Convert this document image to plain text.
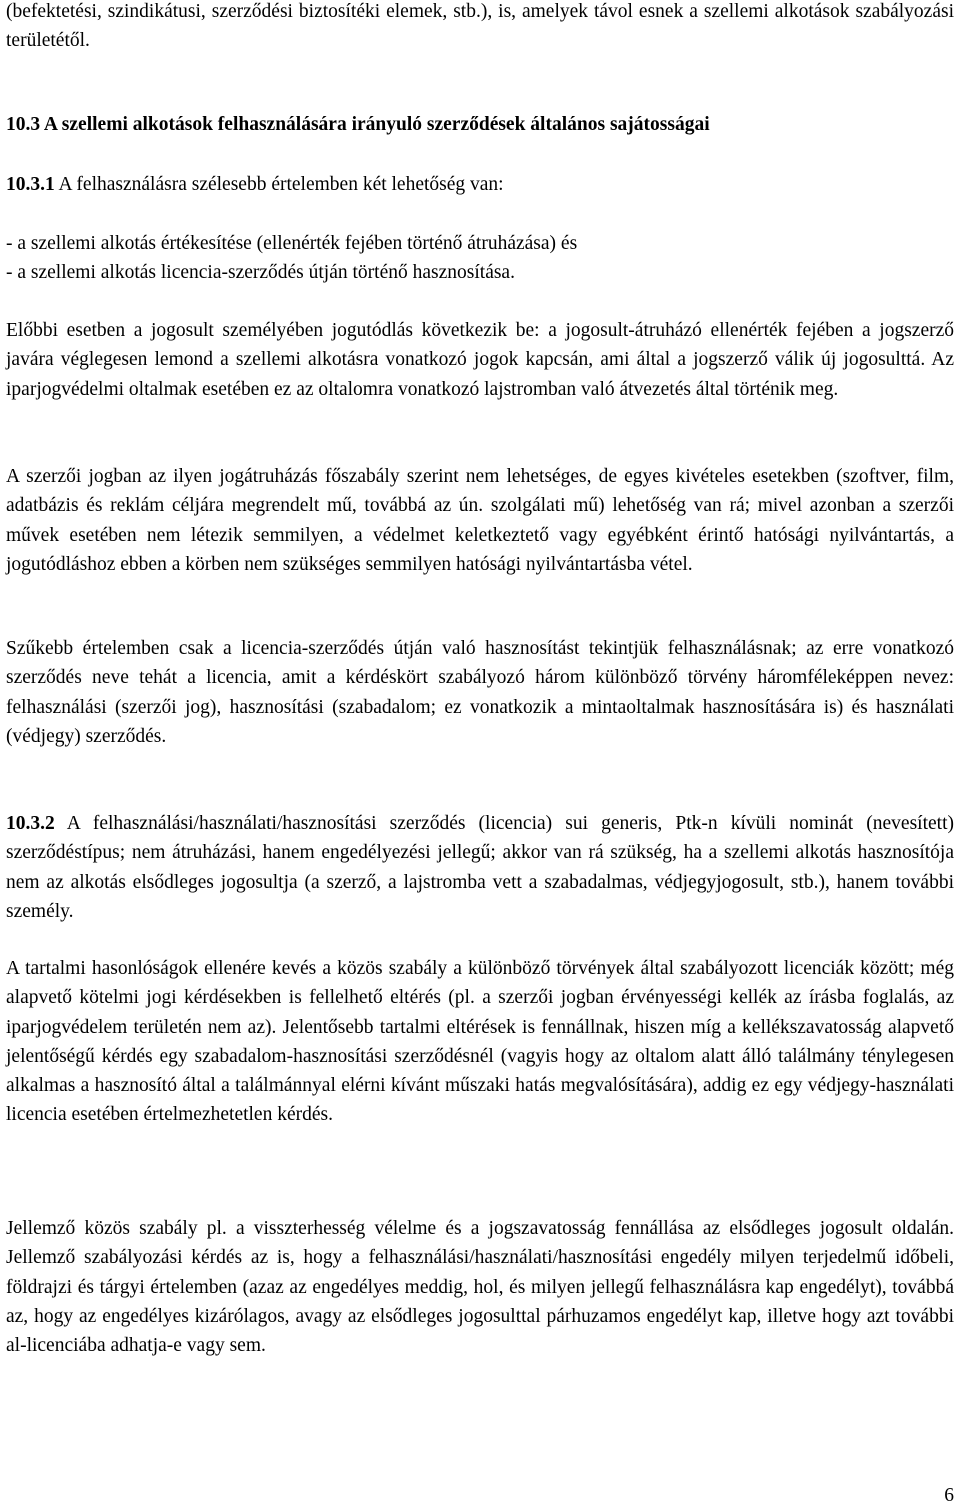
(befektetési, szindikátusi, szerződési biztosítéki elemek, stb.), is, amelyek távol esnek a szellemi alkotások szabályozási területétől.

10.3 A szellemi alkotások felhasználására irányuló szerződések általános sajátosságai

10.3.1 A felhasználásra szélesebb értelemben két lehetőség van:

- a szellemi alkotás értékesítése (ellenérték fejében történő átruházása) és

- a szellemi alkotás licencia-szerződés útján történő hasznosítása.

Előbbi esetben a jogosult személyében jogutódlás következik be: a jogosult-átruházó ellenérték fejében a jogszerző javára véglegesen lemond a szellemi alkotásra vonatkozó jogok kapcsán, ami által a jogszerző válik új jogosulttá. Az iparjogvédelmi oltalmak esetében ez az oltalomra vonatkozó lajstromban való átvezetés által történik meg.

A szerzői jogban az ilyen jogátruházás főszabály szerint nem lehetséges, de egyes kivételes esetekben (szoftver, film, adatbázis és reklám céljára megrendelt mű, továbbá az ún. szolgálati mű) lehetőség van rá; mivel azonban a szerzői művek esetében nem létezik semmilyen, a védelmet keletkeztető vagy egyébként érintő hatósági nyilvántartás, a jogutódláshoz ebben a körben nem szükséges semmilyen hatósági nyilvántartásba vétel.

Szűkebb értelemben csak a licencia-szerződés útján való hasznosítást tekintjük felhasználásnak; az erre vonatkozó szerződés neve tehát a licencia, amit a kérdéskört szabályozó három különböző törvény háromféleképpen nevez: felhasználási (szerzői jog), hasznosítási (szabadalom; ez vonatkozik a mintaoltalmak hasznosítására is) és használati (védjegy) szerződés.

10.3.2 A felhasználási/használati/hasznosítási szerződés (licencia) sui generis, Ptk-n kívüli nominát (nevesített) szerződéstípus; nem átruházási, hanem engedélyezési jellegű; akkor van rá szükség, ha a szellemi alkotás hasznosítója nem az alkotás elsődleges jogosultja (a szerző, a lajstromba vett a szabadalmas, védjegyjogosult, stb.), hanem további személy.

A tartalmi hasonlóságok ellenére kevés a közös szabály a különböző törvények által szabályozott licenciák között; még alapvető kötelmi jogi kérdésekben is fellelhető eltérés (pl. a szerzői jogban érvényességi kellék az írásba foglalás, az iparjogvédelem területén nem az). Jelentősebb tartalmi eltérések is fennállnak, hiszen míg a kellékszavatosság alapvető jelentőségű kérdés egy szabadalom-hasznosítási szerződésnél (vagyis hogy az oltalom alatt álló találmány ténylegesen alkalmas a hasznosító által a találmánnyal elérni kívánt műszaki hatás megvalósítására), addig ez egy védjegy-használati licencia esetében értelmezhetetlen kérdés.

Jellemző közös szabály pl. a visszterhesség vélelme és a jogszavatosság fennállása az elsődleges jogosult oldalán. Jellemző szabályozási kérdés az is, hogy a felhasználási/használati/hasznosítási engedély milyen terjedelmű időbeli, földrajzi és tárgyi értelemben (azaz az engedélyes meddig, hol, és milyen jellegű felhasználásra kap engedélyt), továbbá az, hogy az engedélyes kizárólagos, avagy az elsődleges jogosulttal párhuzamos engedélyt kap, illetve hogy azt további al-licenciába adhatja-e vagy sem.

6
